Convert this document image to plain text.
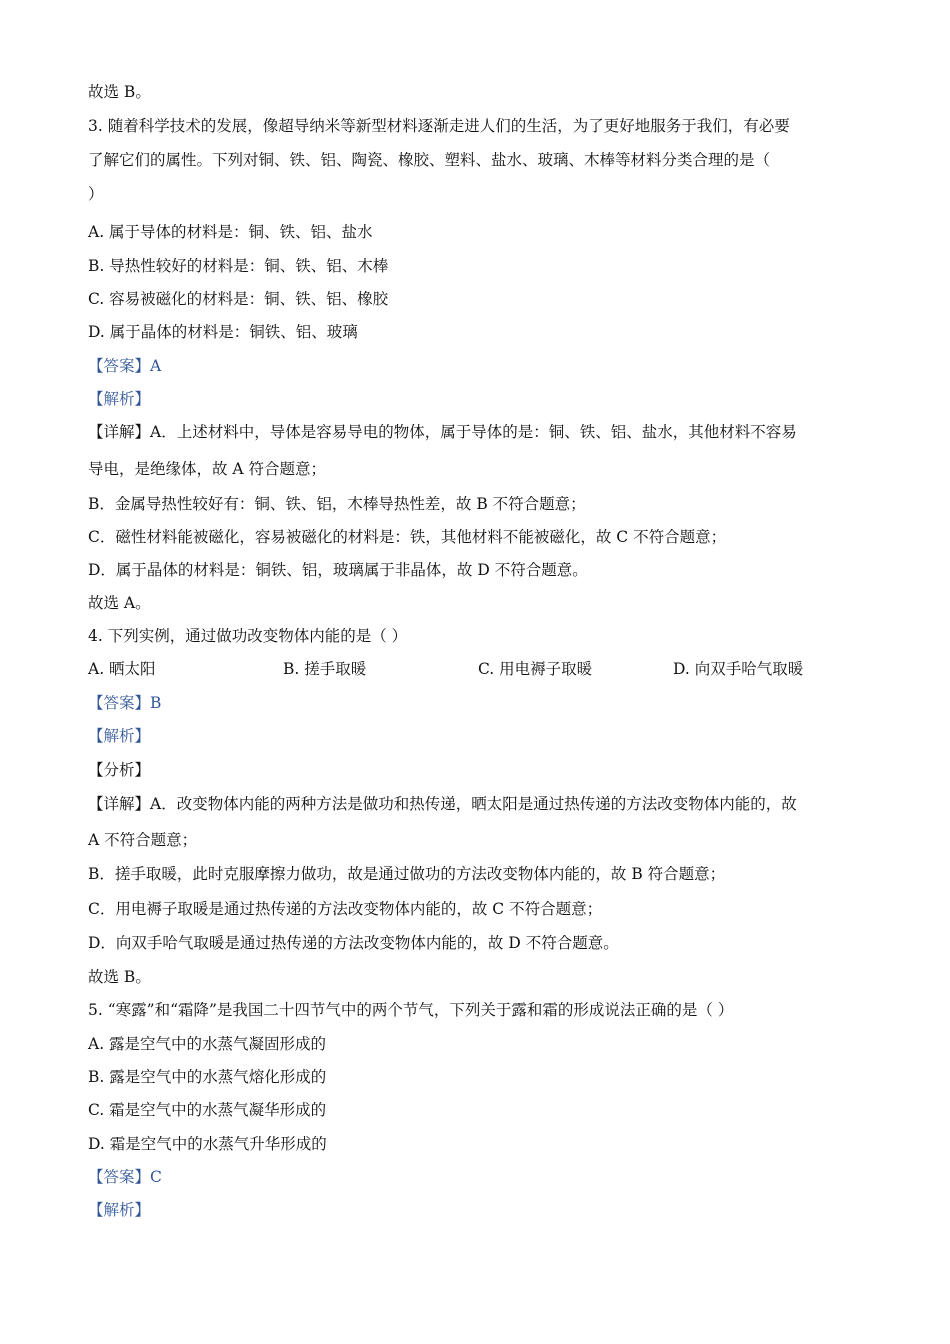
故选 B。
3. 随着科学技术的发展，像超导纳米等新型材料逐渐走进人们的生活，为了更好地服务于我们，有必要
了解它们的属性。下列对铜、铁、铝、陶瓷、橡胶、塑料、盐水、玻璃、木棒等材料分类合理的是（
）
A. 属于导体的材料是：铜、铁、铝、盐水
B. 导热性较好的材料是：铜、铁、铝、木棒
C. 容易被磁化的材料是：铜、铁、铝、橡胶
D. 属于晶体的材料是：铜铁、铝、玻璃
【答案】A
【解析】
【详解】A．上述材料中，导体是容易导电的物体，属于导体的是：铜、铁、铝、盐水，其他材料不容易
导电，是绝缘体，故 A 符合题意；
B．金属导热性较好有：铜、铁、铝，木棒导热性差，故 B 不符合题意；
C．磁性材料能被磁化，容易被磁化的材料是：铁，其他材料不能被磁化，故 C 不符合题意；
D．属于晶体的材料是：铜铁、铝，玻璃属于非晶体，故 D 不符合题意。
故选 A。
4. 下列实例，通过做功改变物体内能的是（ ）
A. 晒太阳	B. 搓手取暖	C. 用电褥子取暖	D. 向双手哈气取暖
【答案】B
【解析】
【分析】
【详解】A．改变物体内能的两种方法是做功和热传递，晒太阳是通过热传递的方法改变物体内能的，故
A 不符合题意；
B．搓手取暖，此时克服摩擦力做功，故是通过做功的方法改变物体内能的，故 B 符合题意；
C．用电褥子取暖是通过热传递的方法改变物体内能的，故 C 不符合题意；
D．向双手哈气取暖是通过热传递的方法改变物体内能的，故 D 不符合题意。
故选 B。
5. “寒露”和“霜降”是我国二十四节气中的两个节气，下列关于露和霜的形成说法正确的是（ ）
A. 露是空气中的水蒸气凝固形成的
B. 露是空气中的水蒸气熔化形成的
C. 霜是空气中的水蒸气凝华形成的
D. 霜是空气中的水蒸气升华形成的
【答案】C
【解析】
